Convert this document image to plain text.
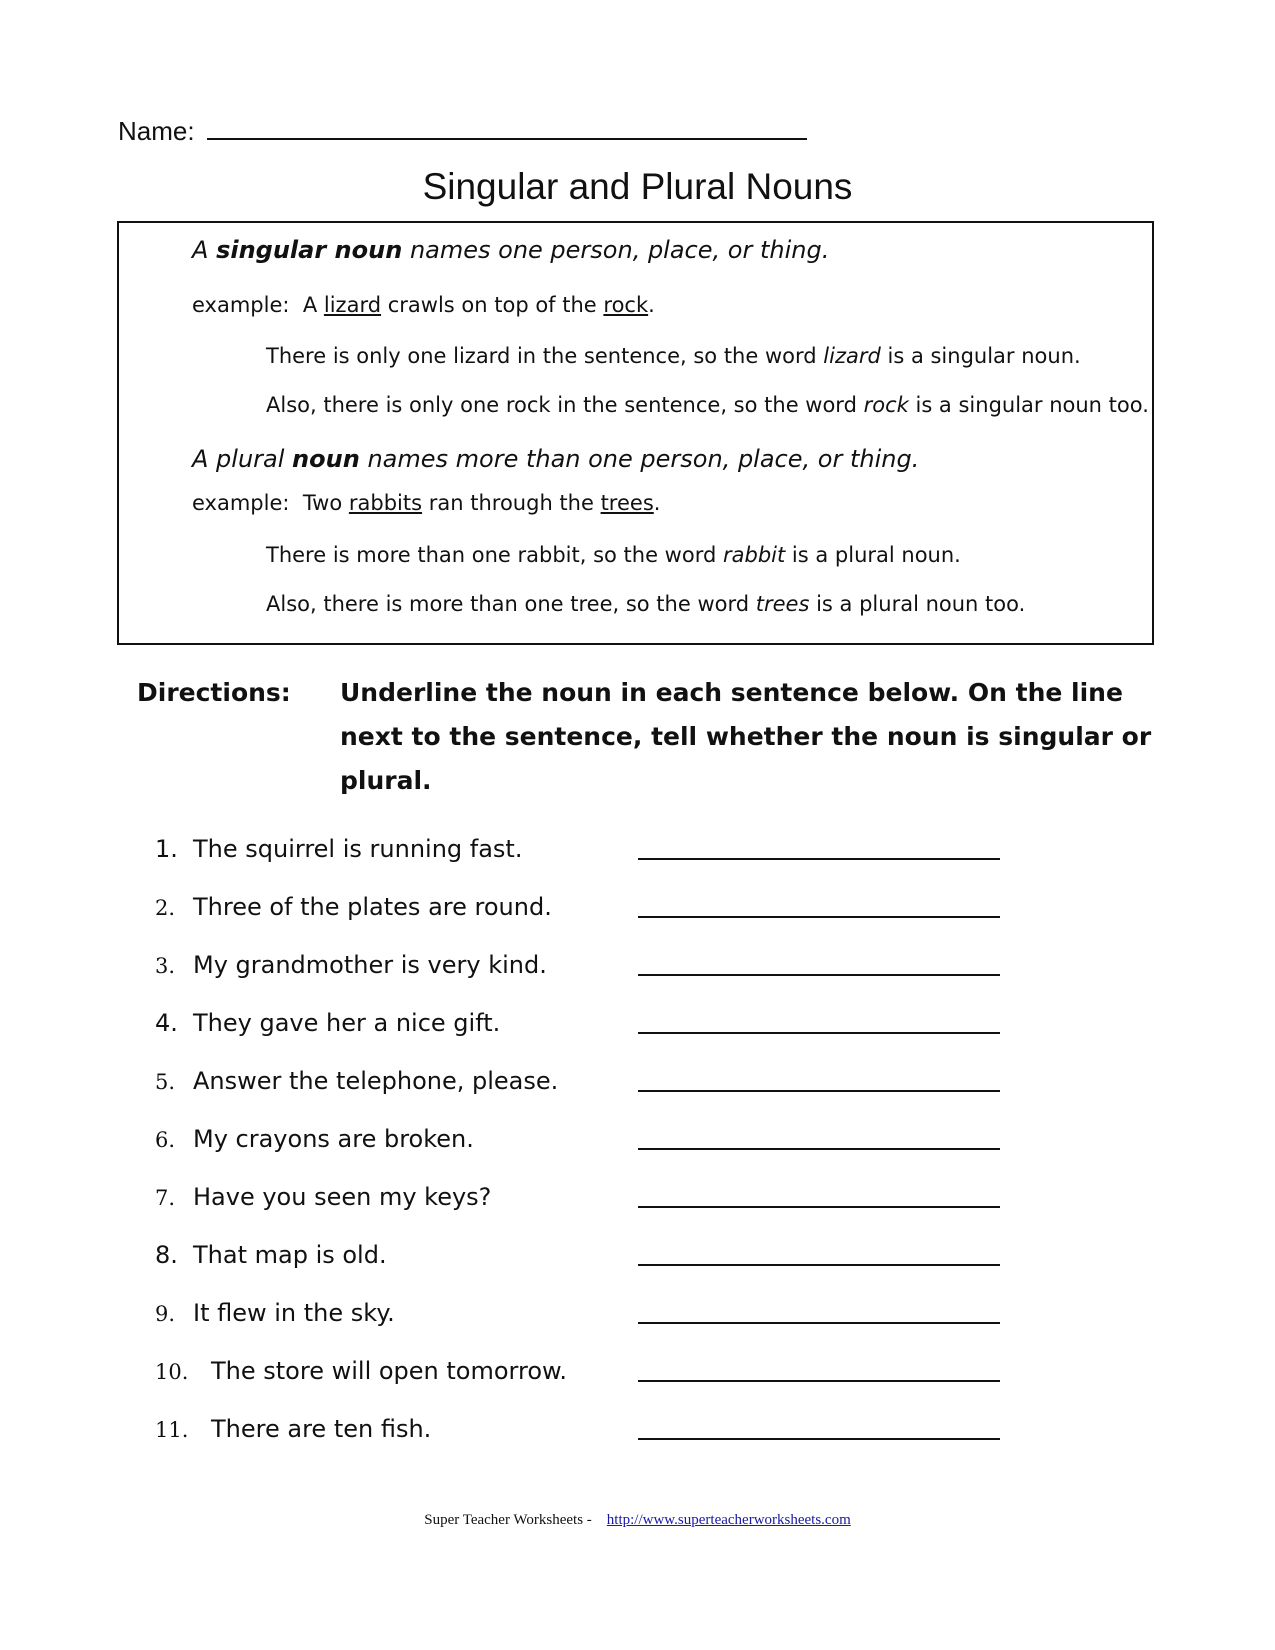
Name:
Singular and Plural Nouns
A singular noun names one person, place, or thing.
example: A lizard crawls on top of the rock.
There is only one lizard in the sentence, so the word lizard is a singular noun.
Also, there is only one rock in the sentence, so the word rock is a singular noun too.
A plural noun names more than one person, place, or thing.
example: Two rabbits ran through the trees.
There is more than one rabbit, so the word rabbit is a plural noun.
Also, there is more than one tree, so the word trees is a plural noun too.
Directions: Underline the noun in each sentence below. On the line next to the sentence, tell whether the noun is singular or plural.
1. The squirrel is running fast.
2. Three of the plates are round.
3. My grandmother is very kind.
4. They gave her a nice gift.
5. Answer the telephone, please.
6. My crayons are broken.
7. Have you seen my keys?
8. That map is old.
9. It flew in the sky.
10. The store will open tomorrow.
11. There are ten fish.
Super Teacher Worksheets - http://www.superteacherworksheets.com
